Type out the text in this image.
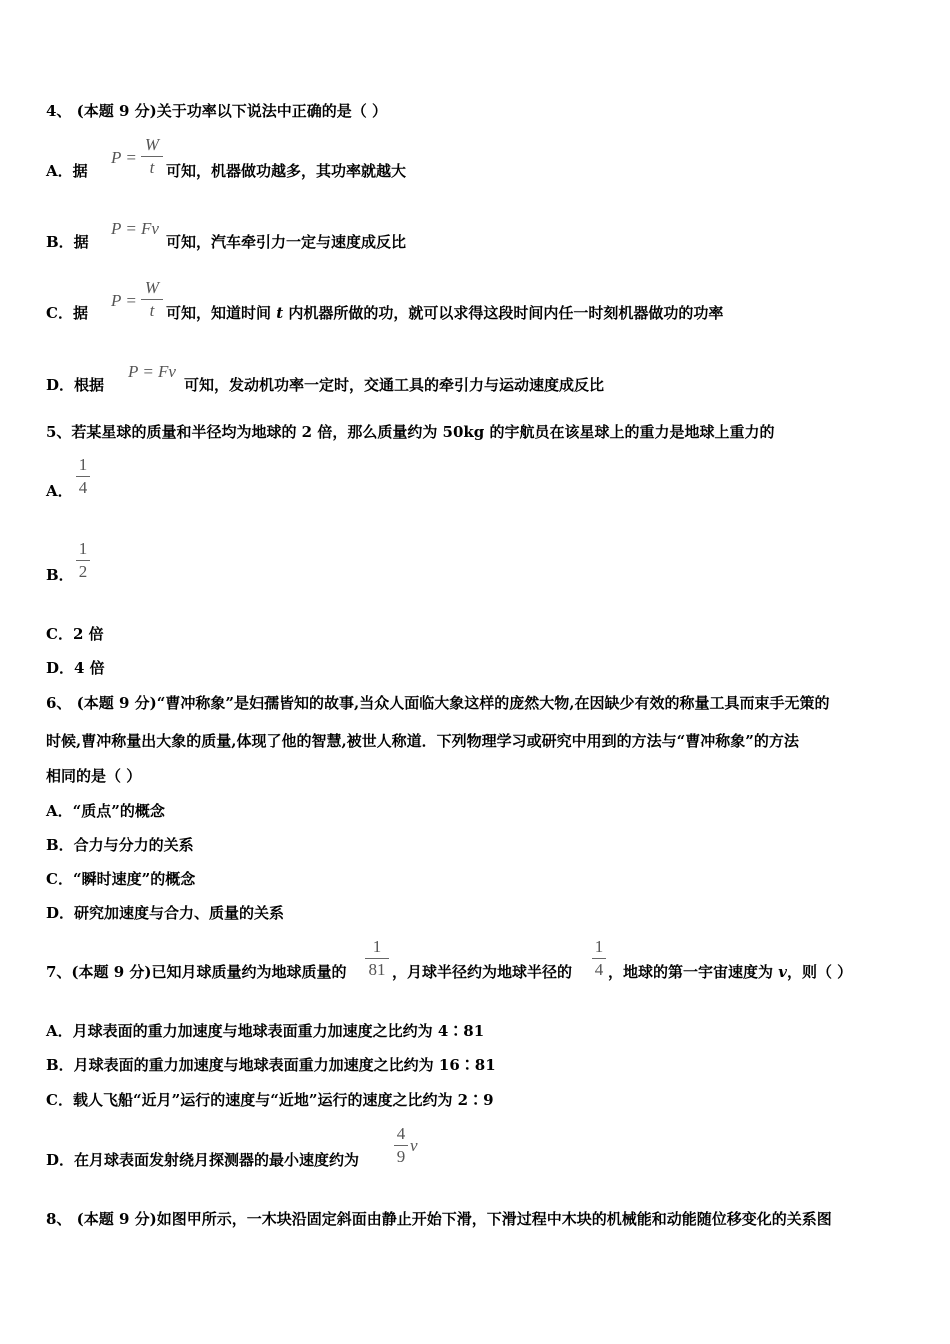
4、 (本题 9 分)关于功率以下说法中正确的是（ ）
A．据
P =
W
t 可知，机器做功越多，其功率就越大
B．据
P = Fv
可知，汽车牵引力一定与速度成反比
C．据
P =
W
t 可知，知道时间 t 内机器所做的功，就可以求得这段时间内任一时刻机器做功的功率
D．根据
P = Fv
可知，发动机功率一定时，交通工具的牵引力与运动速度成反比
5、若某星球的质量和半径均为地球的 2 倍，那么质量约为 50kg 的宇航员在该星球上的重力是地球上重力的
A．
1
4
B．
1
2
C．2 倍
D．4 倍
6、 (本题 9 分)“曹冲称象”是妇孺皆知的故事,当众人面临大象这样的庞然大物,在因缺少有效的称量工具而束手无策的
时候,曹冲称量出大象的质量,体现了他的智慧,被世人称道．下列物理学习或研究中用到的方法与“曹冲称象”的方法
相同的是（ ）
A．“质点”的概念
B．合力与分力的关系
C．“瞬时速度”的概念
D．研究加速度与合力、质量的关系
7、(本题 9 分)已知月球质量约为地球质量的
1
81 ，月球半径约为地球半径的
1
4 ，地球的第一宇宙速度为 v，则（ ）
A．月球表面的重力加速度与地球表面重力加速度之比约为 4∶81
B．月球表面的重力加速度与地球表面重力加速度之比约为 16∶81
C．载人飞船“近月”运行的速度与“近地”运行的速度之比约为 2∶9
D．在月球表面发射绕月探测器的最小速度约为
4
9
v
8、 (本题 9 分)如图甲所示，一木块沿固定斜面由静止开始下滑，下滑过程中木块的机械能和动能随位移变化的关系图
